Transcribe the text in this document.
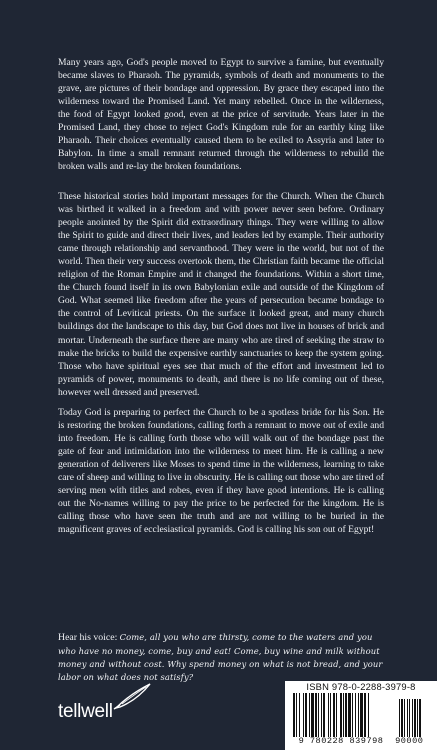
Many years ago, God's people moved to Egypt to survive a famine, but eventually became slaves to Pharaoh. The pyramids, symbols of death and monuments to the grave, are pictures of their bondage and oppression. By grace they escaped into the wilderness toward the Promised Land. Yet many rebelled. Once in the wilderness, the food of Egypt looked good, even at the price of servitude. Years later in the Promised Land, they chose to reject God's Kingdom rule for an earthly king like Pharaoh. Their choices eventually caused them to be exiled to Assyria and later to Babylon. In time a small remnant returned through the wilderness to rebuild the broken walls and re-lay the broken foundations.

These historical stories hold important messages for the Church. When the Church was birthed it walked in a freedom and with power never seen before. Ordinary people anointed by the Spirit did extraordinary things. They were willing to allow the Spirit to guide and direct their lives, and leaders led by example. Their authority came through relationship and servanthood. They were in the world, but not of the world. Then their very success overtook them, the Christian faith became the official religion of the Roman Empire and it changed the foundations. Within a short time, the Church found itself in its own Babylonian exile and outside of the Kingdom of God. What seemed like freedom after the years of persecution became bondage to the control of Levitical priests. On the surface it looked great, and many church buildings dot the landscape to this day, but God does not live in houses of brick and mortar. Underneath the surface there are many who are tired of seeking the straw to make the bricks to build the expensive earthly sanctuaries to keep the system going. Those who have spiritual eyes see that much of the effort and investment led to pyramids of power, monuments to death, and there is no life coming out of these, however well dressed and preserved.

Today God is preparing to perfect the Church to be a spotless bride for his Son. He is restoring the broken foundations, calling forth a remnant to move out of exile and into freedom. He is calling forth those who will walk out of the bondage past the gate of fear and intimidation into the wilderness to meet him. He is calling a new generation of deliverers like Moses to spend time in the wilderness, learning to take care of sheep and willing to live in obscurity. He is calling out those who are tired of serving men with titles and robes, even if they have good intentions. He is calling out the No-names willing to pay the price to be perfected for the kingdom. He is calling those who have seen the truth and are not willing to be buried in the magnificent graves of ecclesiastical pyramids. God is calling his son out of Egypt!

Hear his voice: Come, all you who are thirsty, come to the waters and you who have no money, come, buy and eat! Come, buy wine and milk without money and without cost. Why spend money on what is not bread, and your labor on what does not satisfy?
tellwell
ISBN 978-0-2288-3979-8
9 780228 839798 90000
